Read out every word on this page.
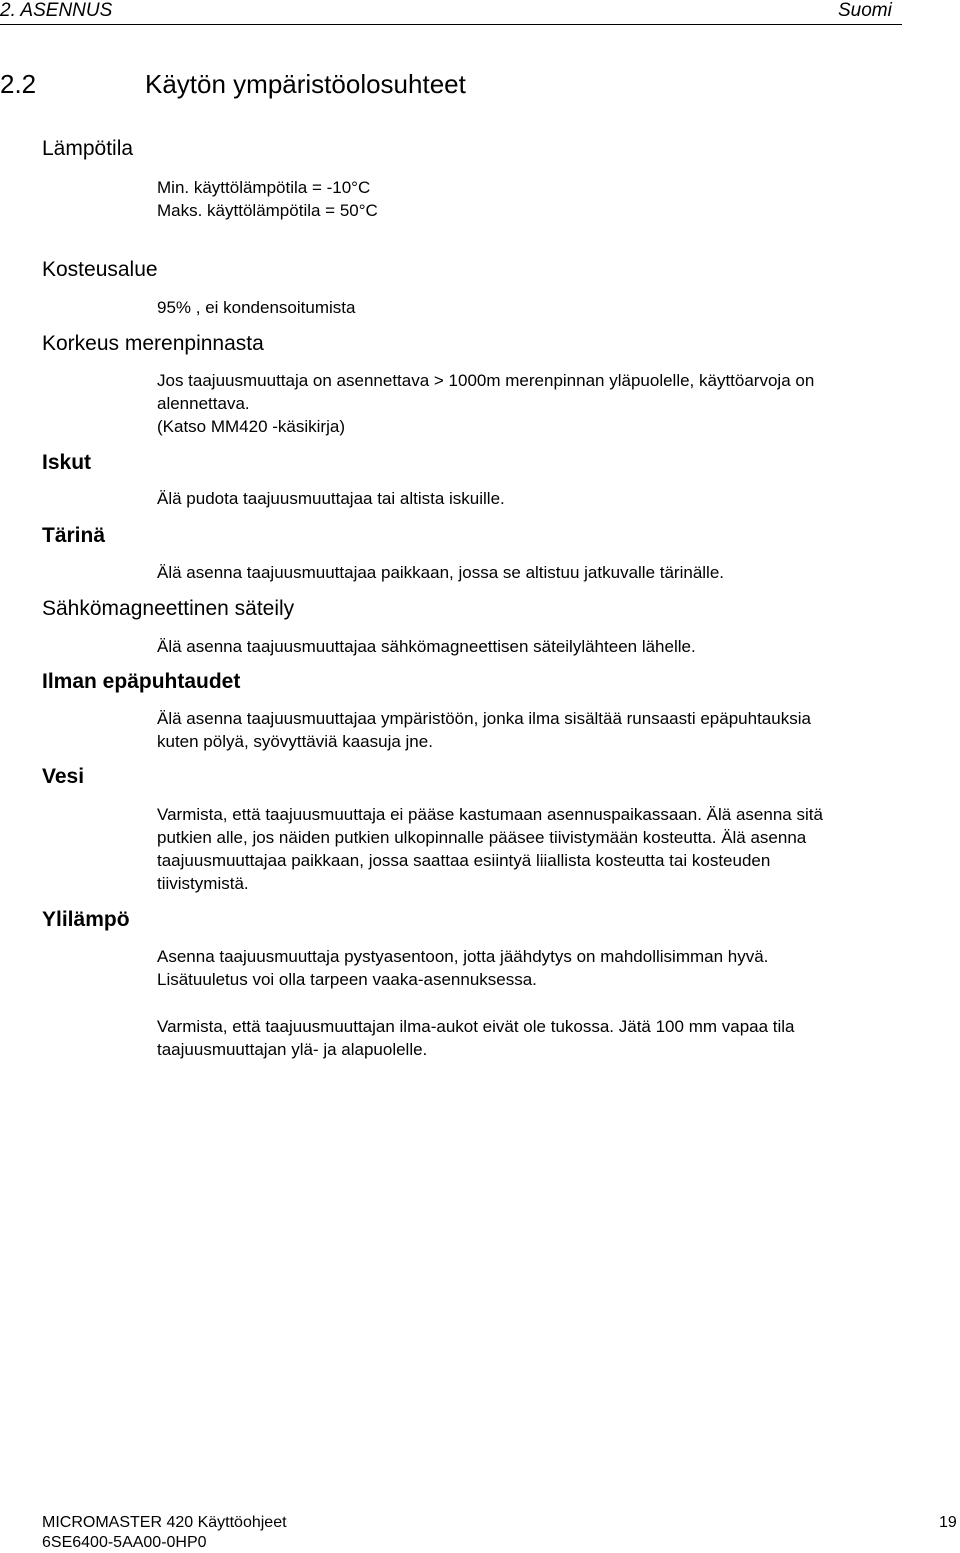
2. ASENNUS	Suomi
2.2	Käytön ympäristöolosuhteet
Lämpötila
Min. käyttölämpötila = -10°C
Maks. käyttölämpötila = 50°C
Kosteusalue
95% , ei kondensoitumista
Korkeus merenpinnasta
Jos taajuusmuuttaja on asennettava > 1000m merenpinnan yläpuolelle, käyttöarvoja on
alennettava.
(Katso MM420 -käsikirja)
Iskut
Älä pudota taajuusmuuttajaa tai altista iskuille.
Tärinä
Älä asenna taajuusmuuttajaa paikkaan, jossa se altistuu jatkuvalle tärinälle.
Sähkömagneettinen säteily
Älä asenna taajuusmuuttajaa sähkömagneettisen säteilylähteen lähelle.
Ilman epäpuhtaudet
Älä asenna taajuusmuuttajaa ympäristöön, jonka ilma sisältää runsaasti epäpuhtauksia
kuten pölyä, syövyttäviä kaasuja jne.
Vesi
Varmista, että taajuusmuuttaja ei pääse kastumaan asennuspaikassaan. Älä asenna sitä
putkien alle, jos näiden putkien ulkopinnalle pääsee tiivistymään kosteutta. Älä asenna
taajuusmuuttajaa paikkaan, jossa saattaa esiintyä liiallista kosteutta tai kosteuden
tiivistymistä.
Ylilämpö
Asenna taajuusmuuttaja pystyasentoon, jotta jäähdytys on mahdollisimman hyvä.
Lisätuuletus voi olla tarpeen vaaka-asennuksessa.
Varmista, että taajuusmuuttajan ilma-aukot eivät ole tukossa. Jätä 100 mm vapaa tila
taajuusmuuttajan ylä- ja alapuolelle.
MICROMASTER 420 Käyttöohjeet
6SE6400-5AA00-0HP0
19
